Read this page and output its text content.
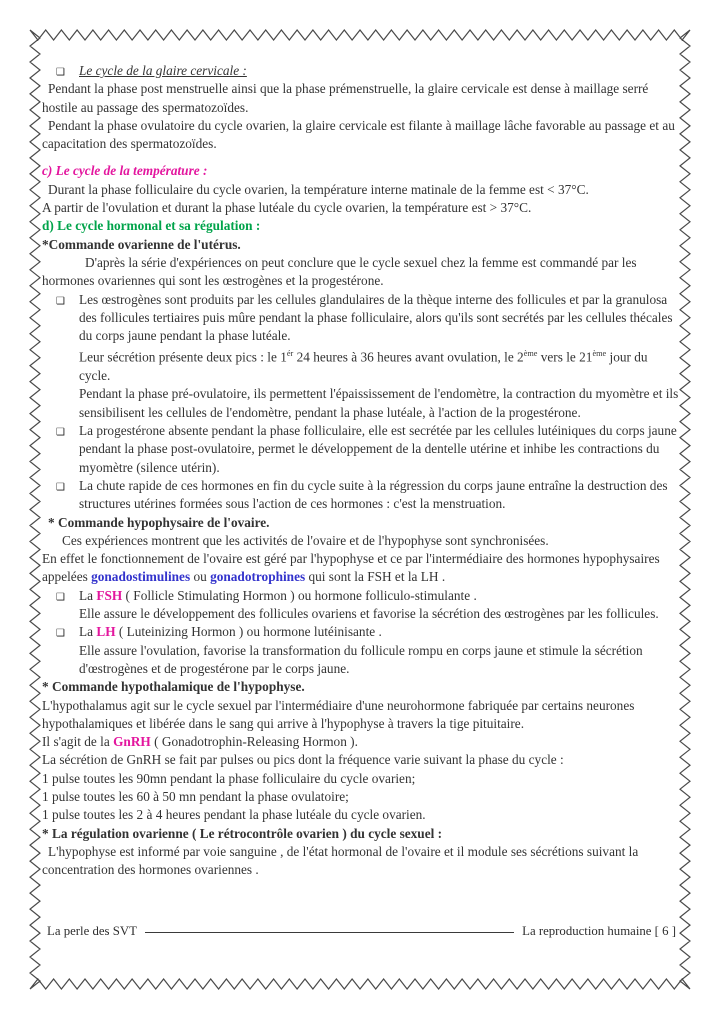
❑ Le cycle de la glaire cervicale :
Pendant la phase post menstruelle ainsi que la phase prémenstruelle, la glaire cervicale est dense à maillage serré hostile au passage des spermatozoïdes.
Pendant la phase ovulatoire du cycle ovarien, la glaire cervicale est filante à maillage lâche favorable au passage et au capacitation des spermatozoïdes.
c) Le cycle de la température :
Durant la phase folliculaire du cycle ovarien, la température interne matinale de la femme est < 37°C.
A partir de l'ovulation et durant la phase lutéale du cycle ovarien, la température est > 37°C.
d) Le cycle hormonal et sa régulation :
*Commande ovarienne de l'utérus.
D'après la série d'expériences on peut conclure que le cycle sexuel chez la femme est commandé par les hormones ovariennes qui sont les œstrogènes et la progestérone.
❑ Les œstrogènes sont produits par les cellules glandulaires de la thèque interne des follicules et par la granulosa des follicules tertiaires puis mûre pendant la phase folliculaire, alors qu'ils sont secrétés par les cellules thécales du corps jaune pendant la phase lutéale.
Leur sécrétion présente deux pics : le $1^{ér}$ 24 heures à 36 heures avant ovulation, le 2ème vers le 21ème jour du cycle.
Pendant la phase pré-ovulatoire, ils permettent l'épaississement de l'endomètre, la contraction du myomètre et ils sensibilisent les cellules de l'endomètre, pendant la phase lutéale, à l'action de la progestérone.
❑ La progestérone absente pendant la phase folliculaire, elle est secrétée par les cellules lutéiniques du corps jaune pendant la phase post-ovulatoire, permet le développement de la dentelle utérine et inhibe les contractions du myomètre (silence utérin).
❑ La chute rapide de ces hormones en fin du cycle suite à la régression du corps jaune entraîne la destruction des structures utérines formées sous l'action de ces hormones : c'est la menstruation.
* Commande hypophysaire de l'ovaire.
Ces expériences montrent que les activités de l'ovaire et de l'hypophyse sont synchronisées.
En effet le fonctionnement de l'ovaire est géré par l'hypophyse et ce par l'intermédiaire des hormones hypophysaires appelées gonadostimulines ou gonadotrophines qui sont la FSH et la LH .
❑ La FSH ( Follicle Stimulating Hormon ) ou hormone folliculo-stimulante .
Elle assure le développement des follicules ovariens et favorise la sécrétion des œstrogènes par les follicules.
❑ La LH ( Luteinizing Hormon ) ou hormone lutéinisante .
Elle assure l'ovulation, favorise la transformation du follicule rompu en corps jaune et stimule la sécrétion d'œstrogènes et de progestérone par le corps jaune.
* Commande hypothalamique de l'hypophyse.
L'hypothalamus agit sur le cycle sexuel par l'intermédiaire d'une neurohormone fabriquée par certains neurones hypothalamiques et libérée dans le sang qui arrive à l'hypophyse à travers la tige pituitaire.
Il s'agit de la GnRH ( Gonadotrophin-Releasing Hormon ).
La sécrétion de GnRH se fait par pulses ou pics dont la fréquence varie suivant la phase du cycle :
1 pulse toutes les 90mn pendant la phase folliculaire du cycle ovarien;
1 pulse toutes les 60 à 50 mn pendant la phase ovulatoire;
1 pulse toutes les 2 à 4 heures pendant la phase lutéale du cycle ovarien.
* La régulation ovarienne ( Le rétrocontrôle ovarien ) du cycle sexuel :
L'hypophyse est informé par voie sanguine , de l'état hormonal de l'ovaire et il module ses sécrétions suivant la concentration des hormones ovariennes .
La perle des SVT	La reproduction humaine [ 6 ]
